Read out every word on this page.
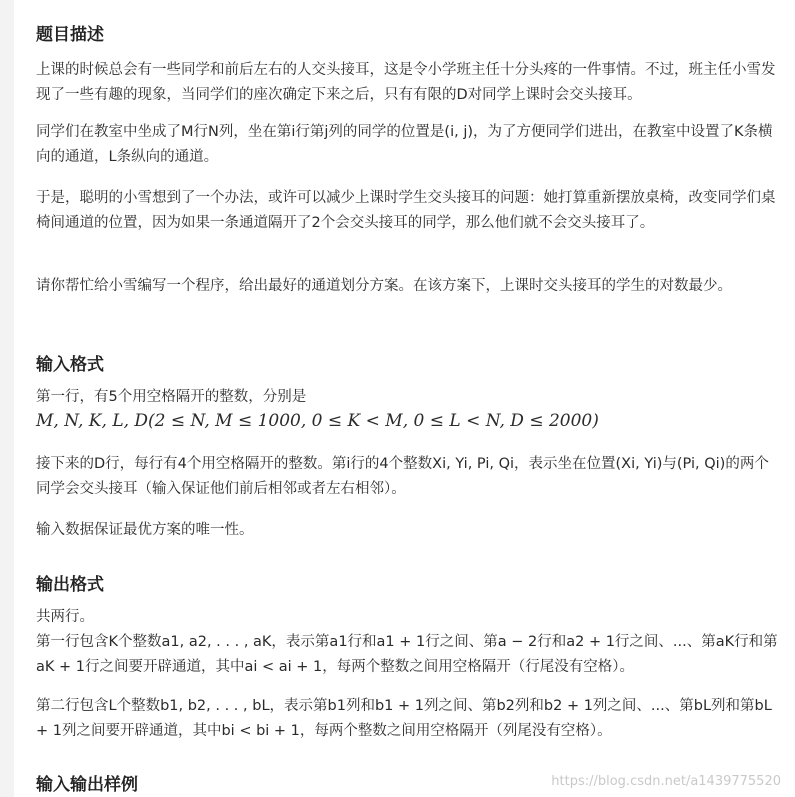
题目描述

上课的时候总会有一些同学和前后左右的人交头接耳，这是令小学班主任十分头疼的一件事情。不过，班主任小雪发现了一些有趣的现象，当同学们的座次确定下来之后，只有有限的D对同学上课时会交头接耳。

同学们在教室中坐成了M行N列，坐在第i行第j列的同学的位置是(i, j)，为了方便同学们进出，在教室中设置了K条横向的通道，L条纵向的通道。

于是，聪明的小雪想到了一个办法，或许可以减少上课时学生交头接耳的问题：她打算重新摆放桌椅，改变同学们桌椅间通道的位置，因为如果一条通道隔开了2个会交头接耳的同学，那么他们就不会交头接耳了。

请你帮忙给小雪编写一个程序，给出最好的通道划分方案。在该方案下，上课时交头接耳的学生的对数最少。

输入格式

第一行，有5个用空格隔开的整数，分别是

M, N, K, L, D(2 ≤ N, M ≤ 1000, 0 ≤ K < M, 0 ≤ L < N, D ≤ 2000)

接下来的D行，每行有4个用空格隔开的整数。第i行的4个整数Xi, Yi, Pi, Qi，表示坐在位置(Xi, Yi)与(Pi, Qi)的两个同学会交头接耳（输入保证他们前后相邻或者左右相邻）。

输入数据保证最优方案的唯一性。

输出格式

共两行。

第一行包含K个整数a1, a2, . . . , aK，表示第a1行和a1 + 1行之间、第a − 2行和a2 + 1行之间、...、第aK行和第aK + 1行之间要开辟通道，其中ai < ai + 1，每两个整数之间用空格隔开（行尾没有空格）。

第二行包含L个整数b1, b2, . . . , bL，表示第b1列和b1 + 1列之间、第b2列和b2 + 1列之间、...、第bL列和第bL + 1列之间要开辟通道，其中bi < bi + 1，每两个整数之间用空格隔开（列尾没有空格）。

输入输出样例	https://blog.csdn.net/a1439775520
